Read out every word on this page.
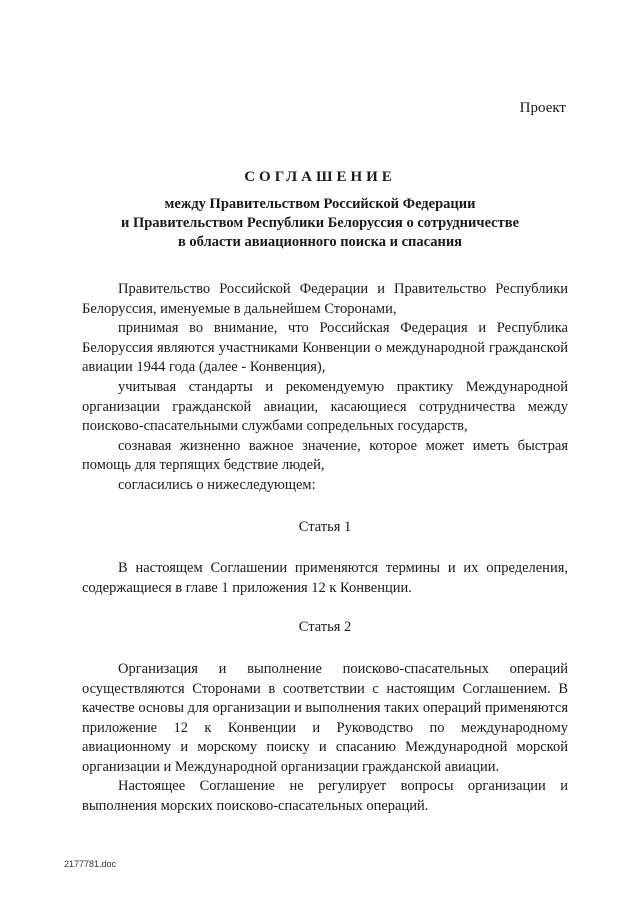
Проект
СОГЛАШЕНИЕ
между Правительством Российской Федерации
и Правительством Республики Белоруссия о сотрудничестве
в области авиационного поиска и спасания
Правительство Российской Федерации и Правительство Республики Белоруссия, именуемые в дальнейшем Сторонами,
принимая во внимание, что Российская Федерация и Республика Белоруссия являются участниками Конвенции о международной гражданской авиации 1944 года (далее - Конвенция),
учитывая стандарты и рекомендуемую практику Международной организации гражданской авиации, касающиеся сотрудничества между поисково-спасательными службами сопредельных государств,
сознавая жизненно важное значение, которое может иметь быстрая помощь для терпящих бедствие людей,
согласились о нижеследующем:
Статья 1
В настоящем Соглашении применяются термины и их определения, содержащиеся в главе 1 приложения 12 к Конвенции.
Статья 2
Организация и выполнение поисково-спасательных операций осуществляются Сторонами в соответствии с настоящим Соглашением. В качестве основы для организации и выполнения таких операций применяются приложение 12 к Конвенции и Руководство по международному авиационному и морскому поиску и спасанию Международной морской организации и Международной организации гражданской авиации.
Настоящее Соглашение не регулирует вопросы организации и выполнения морских поисково-спасательных операций.
2177781.doc
